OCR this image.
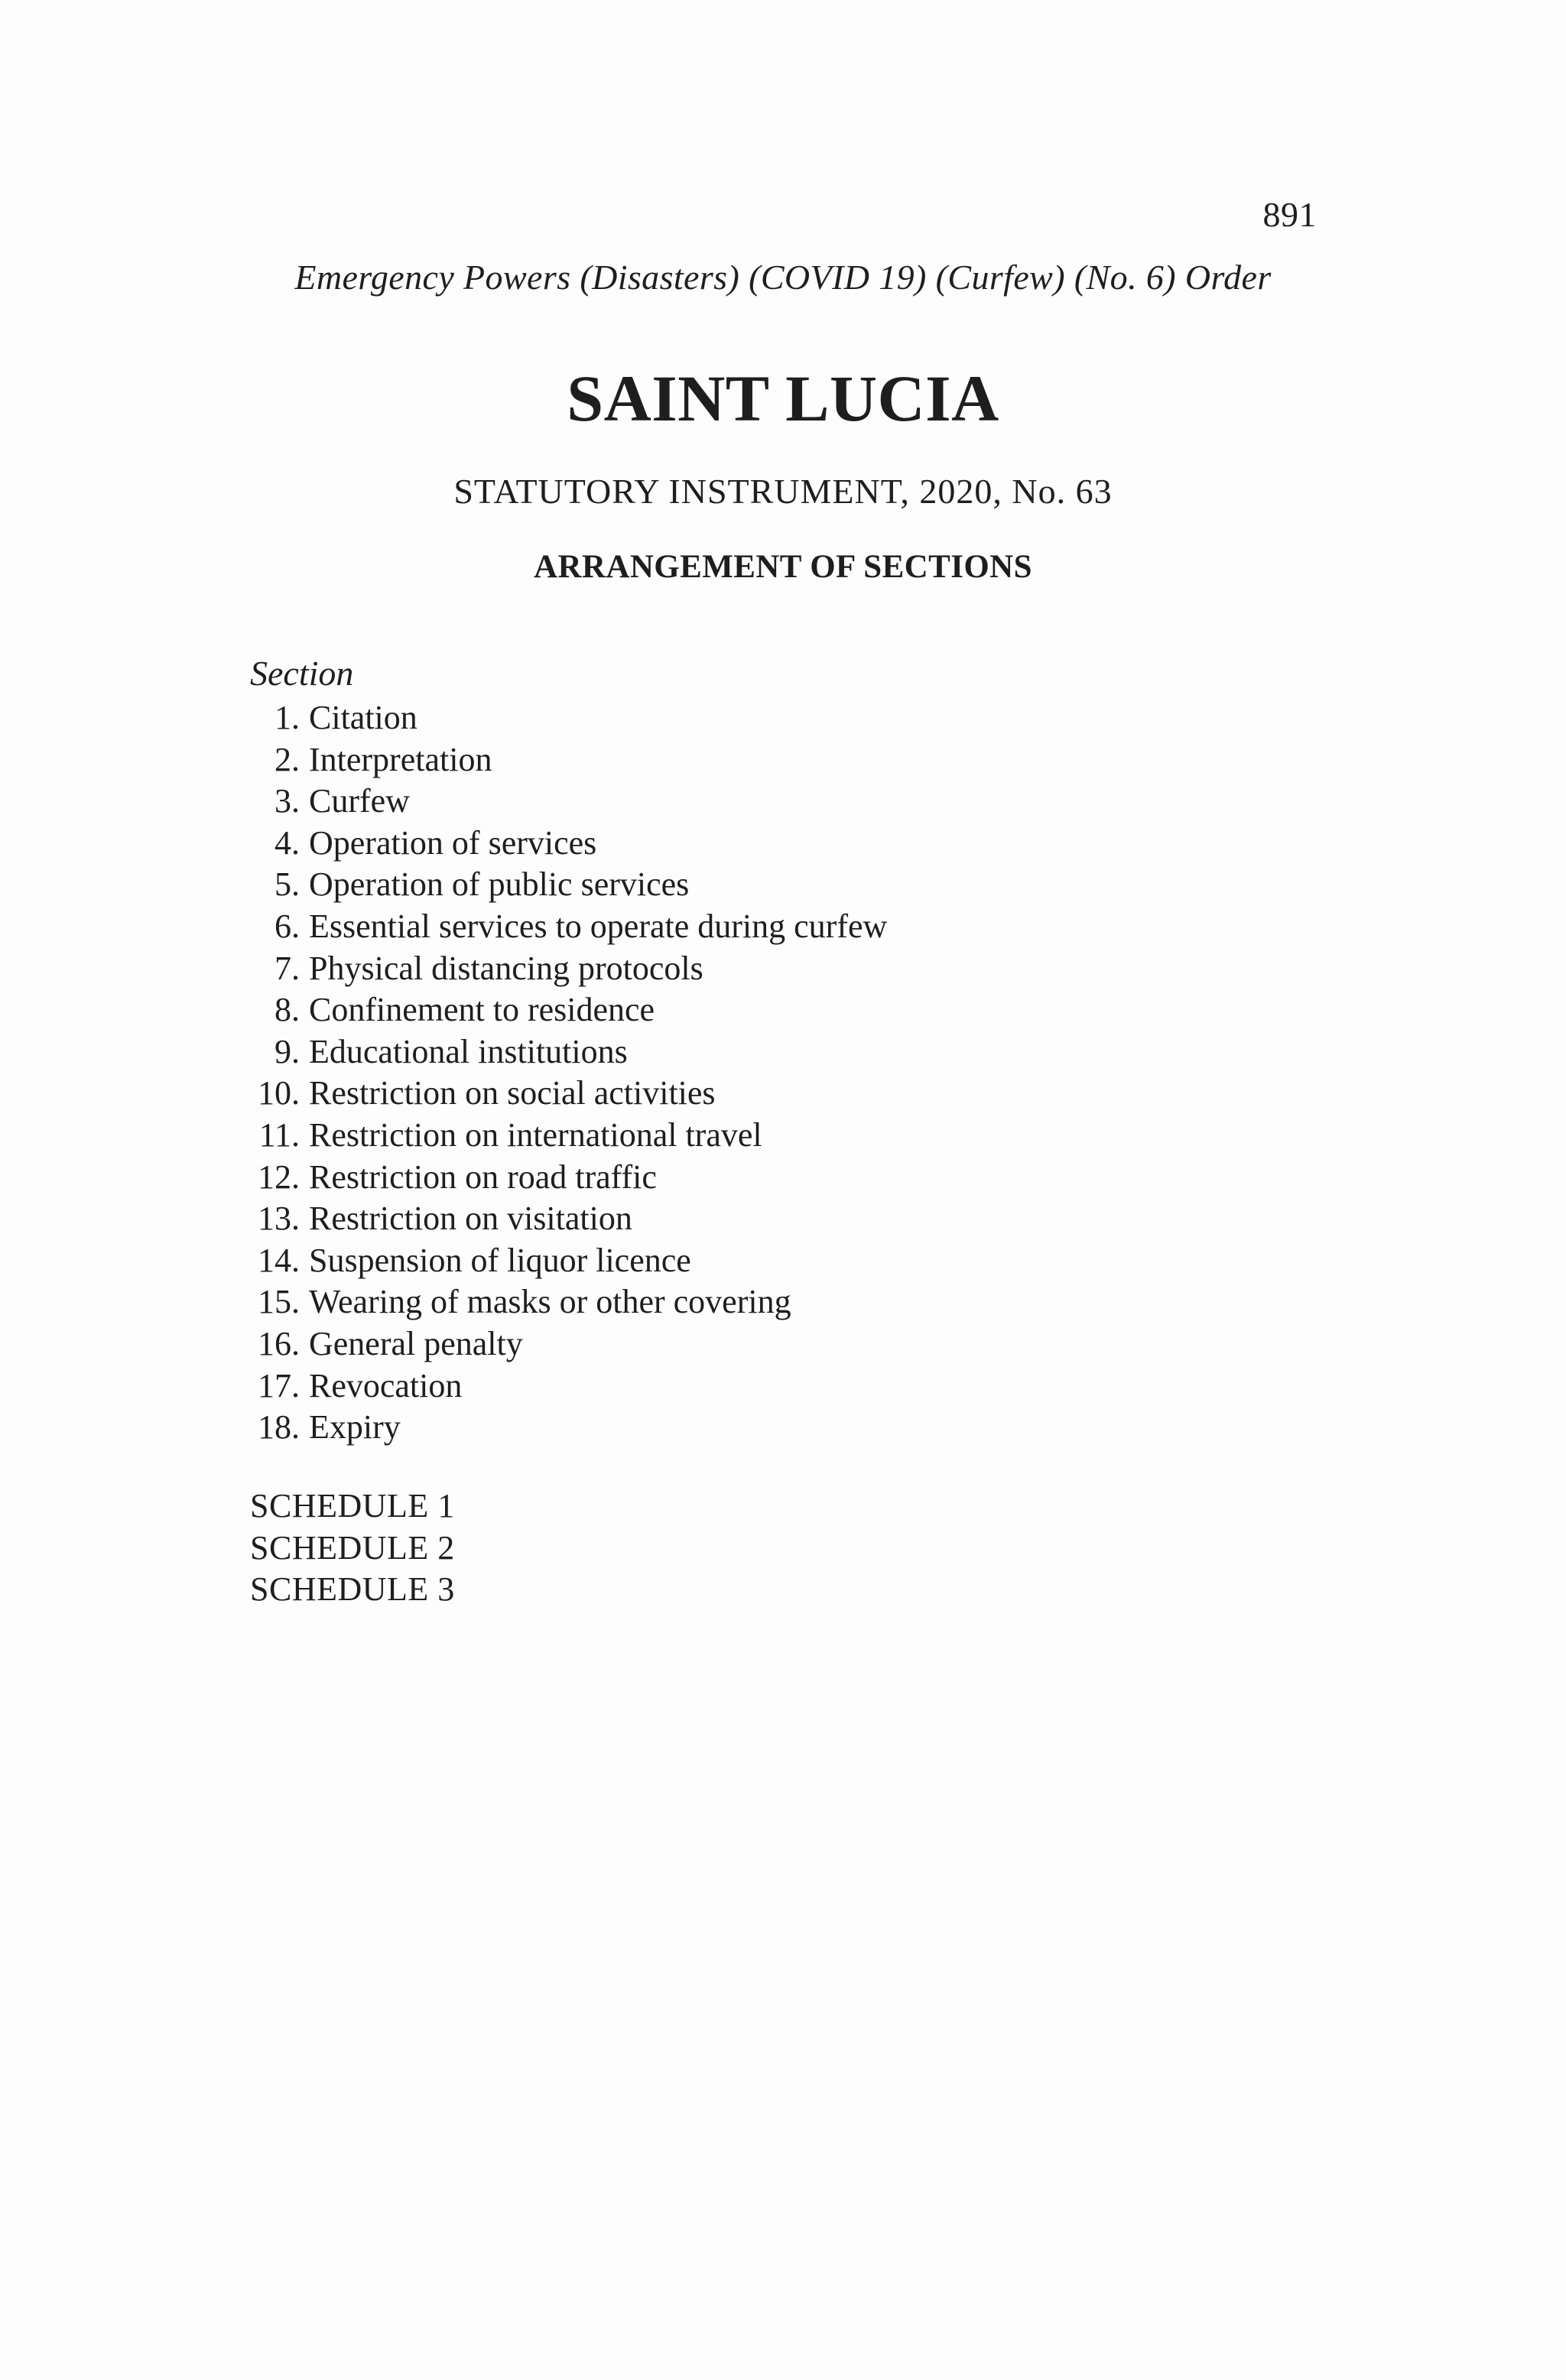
891
Emergency Powers (Disasters) (COVID 19) (Curfew) (No. 6) Order
SAINT LUCIA
STATUTORY INSTRUMENT, 2020, No. 63
ARRANGEMENT OF SECTIONS
Section
1. Citation
2. Interpretation
3. Curfew
4. Operation of services
5. Operation of public services
6. Essential services to operate during curfew
7. Physical distancing protocols
8. Confinement to residence
9. Educational institutions
10. Restriction on social activities
11. Restriction on international travel
12. Restriction on road traffic
13. Restriction on visitation
14. Suspension of liquor licence
15. Wearing of masks or other covering
16. General penalty
17. Revocation
18. Expiry
SCHEDULE 1
SCHEDULE 2
SCHEDULE 3
